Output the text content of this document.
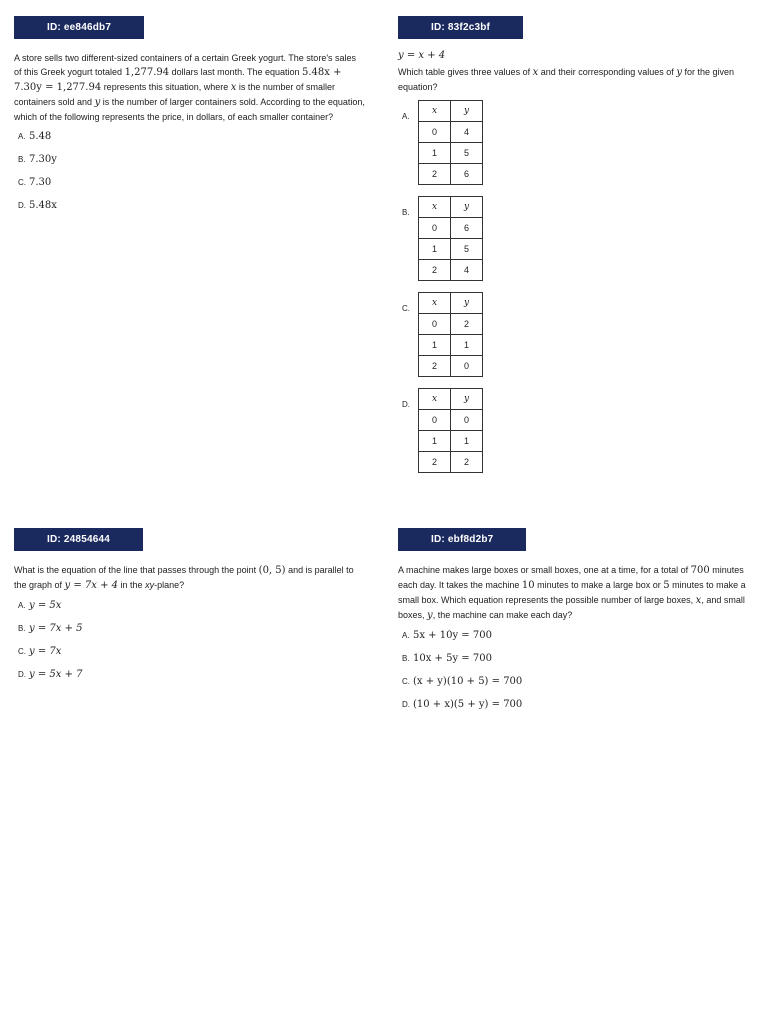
ID: ee846db7

A store sells two different-sized containers of a certain Greek yogurt. The store's sales of this Greek yogurt totaled 1,277.94 dollars last month. The equation 5.48x + 7.30y = 1,277.94 represents this situation, where x is the number of smaller containers sold and y is the number of larger containers sold. According to the equation, which of the following represents the price, in dollars, of each smaller container?

A. 5.48
B. 7.30y
C. 7.30
D. 5.48x
ID: 83f2c3bf
y = x + 4

Which table gives three values of x and their corresponding values of y for the given equation?

A.
x	y
0	4
1	5
2	6
B.
x	y
0	6
1	5
2	4
C.
x	y
0	2
1	1
2	0
D.
x	y
0	0
1	1
2	2
ID: 24854644

What is the equation of the line that passes through the point (0, 5) and is parallel to the graph of y = 7x + 4 in the xy-plane?

A. y = 5x
B. y = 7x + 5
C. y = 7x
D. y = 5x + 7
ID: ebf8d2b7

A machine makes large boxes or small boxes, one at a time, for a total of 700 minutes each day. It takes the machine 10 minutes to make a large box or 5 minutes to make a small box. Which equation represents the possible number of large boxes, x, and small boxes, y, the machine can make each day?

A. 5x + 10y = 700
B. 10x + 5y = 700
C. (x + y)(10 + 5) = 700
D. (10 + x)(5 + y) = 700
